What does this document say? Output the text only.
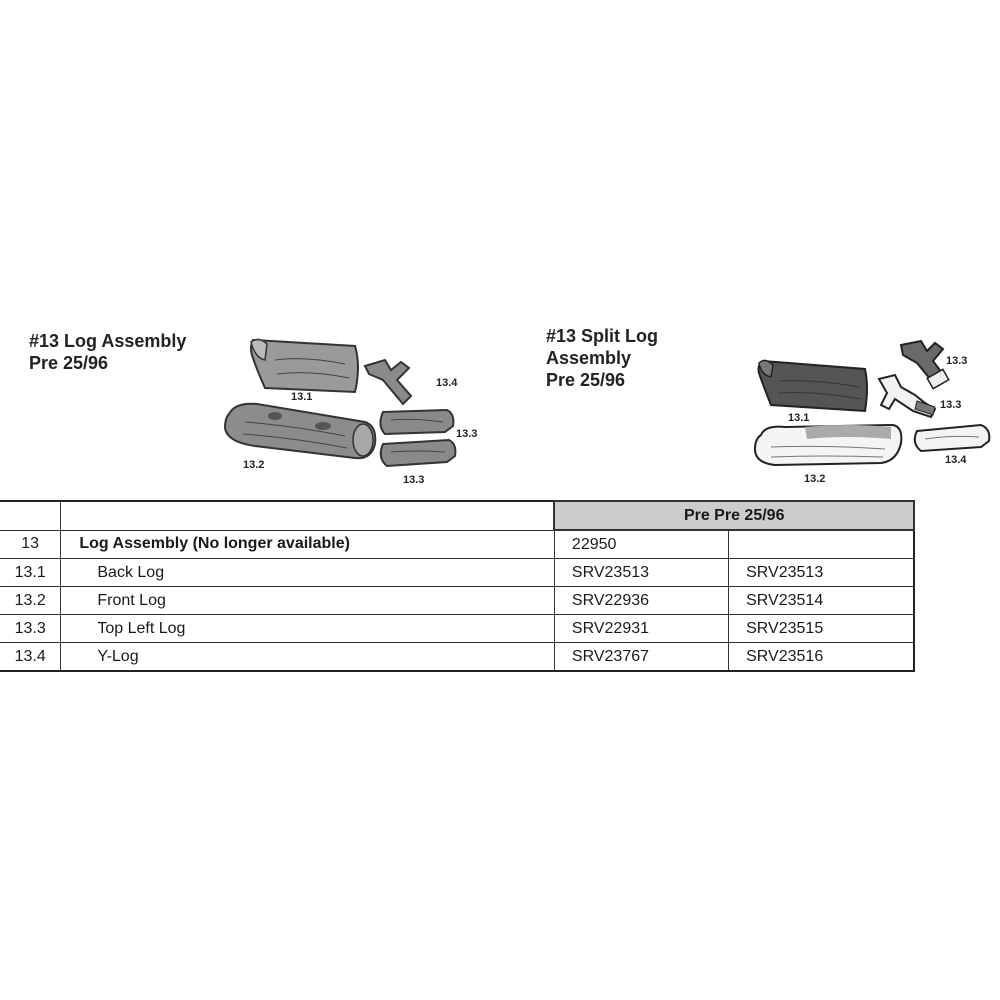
#13 Log Assembly
Pre 25/96
13.1
13.4
13.2
13.3
13.3
#13 Split Log
Assembly
Pre 25/96
13.3
13.3
13.1
13.2
13.4
		Pre Pre 25/96	
13	Log Assembly (No longer available)	22950	
13.1	Back Log	SRV23513	SRV23513
13.2	Front Log	SRV22936	SRV23514
13.3	Top Left Log	SRV22931	SRV23515
13.4	Y-Log	SRV23767	SRV23516
